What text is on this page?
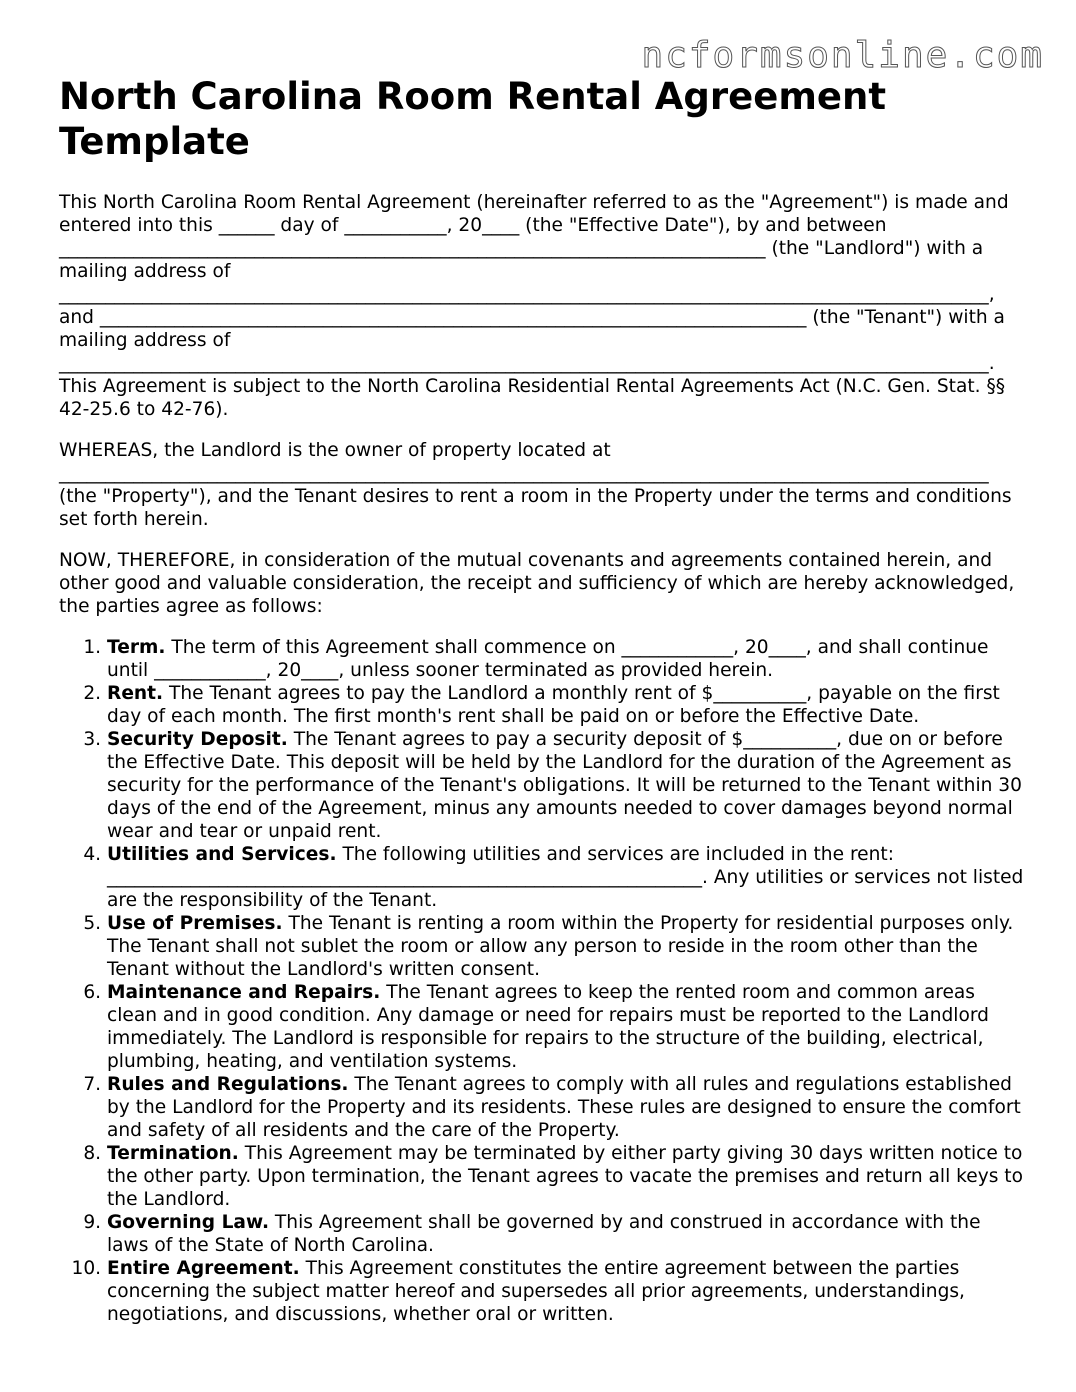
ncformsonline.com
North Carolina Room Rental Agreement Template

This North Carolina Room Rental Agreement (hereinafter referred to as the "Agreement") is made and entered into this ______ day of ___________, 20____ (the "Effective Date"), by and between ____________________________________________________________________________ (the "Landlord") with a mailing address of ____________________________________________________________________________________________________, and ____________________________________________________________________________ (the "Tenant") with a mailing address of ____________________________________________________________________________________________________.

This Agreement is subject to the North Carolina Residential Rental Agreements Act (N.C. Gen. Stat. §§ 42-25.6 to 42-76).

WHEREAS, the Landlord is the owner of property located at ____________________________________________________________________________________________________ (the "Property"), and the Tenant desires to rent a room in the Property under the terms and conditions set forth herein.

NOW, THEREFORE, in consideration of the mutual covenants and agreements contained herein, and other good and valuable consideration, the receipt and sufficiency of which are hereby acknowledged, the parties agree as follows:

1. Term. The term of this Agreement shall commence on ____________, 20____, and shall continue until ____________, 20____, unless sooner terminated as provided herein.
2. Rent. The Tenant agrees to pay the Landlord a monthly rent of $__________, payable on the first day of each month. The first month's rent shall be paid on or before the Effective Date.
3. Security Deposit. The Tenant agrees to pay a security deposit of $__________, due on or before the Effective Date. This deposit will be held by the Landlord for the duration of the Agreement as security for the performance of the Tenant's obligations. It will be returned to the Tenant within 30 days of the end of the Agreement, minus any amounts needed to cover damages beyond normal wear and tear or unpaid rent.
4. Utilities and Services. The following utilities and services are included in the rent: ________________________________________________________________. Any utilities or services not listed are the responsibility of the Tenant.
5. Use of Premises. The Tenant is renting a room within the Property for residential purposes only. The Tenant shall not sublet the room or allow any person to reside in the room other than the Tenant without the Landlord's written consent.
6. Maintenance and Repairs. The Tenant agrees to keep the rented room and common areas clean and in good condition. Any damage or need for repairs must be reported to the Landlord immediately. The Landlord is responsible for repairs to the structure of the building, electrical, plumbing, heating, and ventilation systems.
7. Rules and Regulations. The Tenant agrees to comply with all rules and regulations established by the Landlord for the Property and its residents. These rules are designed to ensure the comfort and safety of all residents and the care of the Property.
8. Termination. This Agreement may be terminated by either party giving 30 days written notice to the other party. Upon termination, the Tenant agrees to vacate the premises and return all keys to the Landlord.
9. Governing Law. This Agreement shall be governed by and construed in accordance with the laws of the State of North Carolina.
10. Entire Agreement. This Agreement constitutes the entire agreement between the parties concerning the subject matter hereof and supersedes all prior agreements, understandings, negotiations, and discussions, whether oral or written.
